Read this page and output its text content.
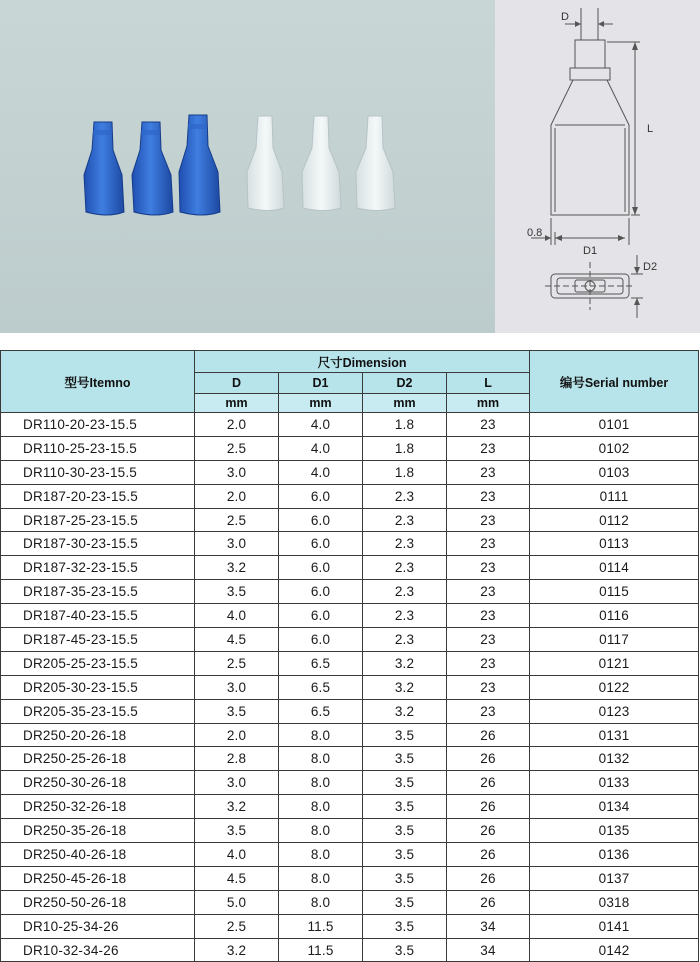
D
L
D1
D2
0.8
型号Itemno	尺寸Dimension				编号Serial number
	D	D1	D2	L	
	mm	mm	mm	mm	
DR110-20-23-15.5	2.0	4.0	1.8	23	0101
DR110-25-23-15.5	2.5	4.0	1.8	23	0102
DR110-30-23-15.5	3.0	4.0	1.8	23	0103
DR187-20-23-15.5	2.0	6.0	2.3	23	0111
DR187-25-23-15.5	2.5	6.0	2.3	23	0112
DR187-30-23-15.5	3.0	6.0	2.3	23	0113
DR187-32-23-15.5	3.2	6.0	2.3	23	0114
DR187-35-23-15.5	3.5	6.0	2.3	23	0115
DR187-40-23-15.5	4.0	6.0	2.3	23	0116
DR187-45-23-15.5	4.5	6.0	2.3	23	0117
DR205-25-23-15.5	2.5	6.5	3.2	23	0121
DR205-30-23-15.5	3.0	6.5	3.2	23	0122
DR205-35-23-15.5	3.5	6.5	3.2	23	0123
DR250-20-26-18	2.0	8.0	3.5	26	0131
DR250-25-26-18	2.8	8.0	3.5	26	0132
DR250-30-26-18	3.0	8.0	3.5	26	0133
DR250-32-26-18	3.2	8.0	3.5	26	0134
DR250-35-26-18	3.5	8.0	3.5	26	0135
DR250-40-26-18	4.0	8.0	3.5	26	0136
DR250-45-26-18	4.5	8.0	3.5	26	0137
DR250-50-26-18	5.0	8.0	3.5	26	0318
DR10-25-34-26	2.5	11.5	3.5	34	0141
DR10-32-34-26	3.2	11.5	3.5	34	0142
